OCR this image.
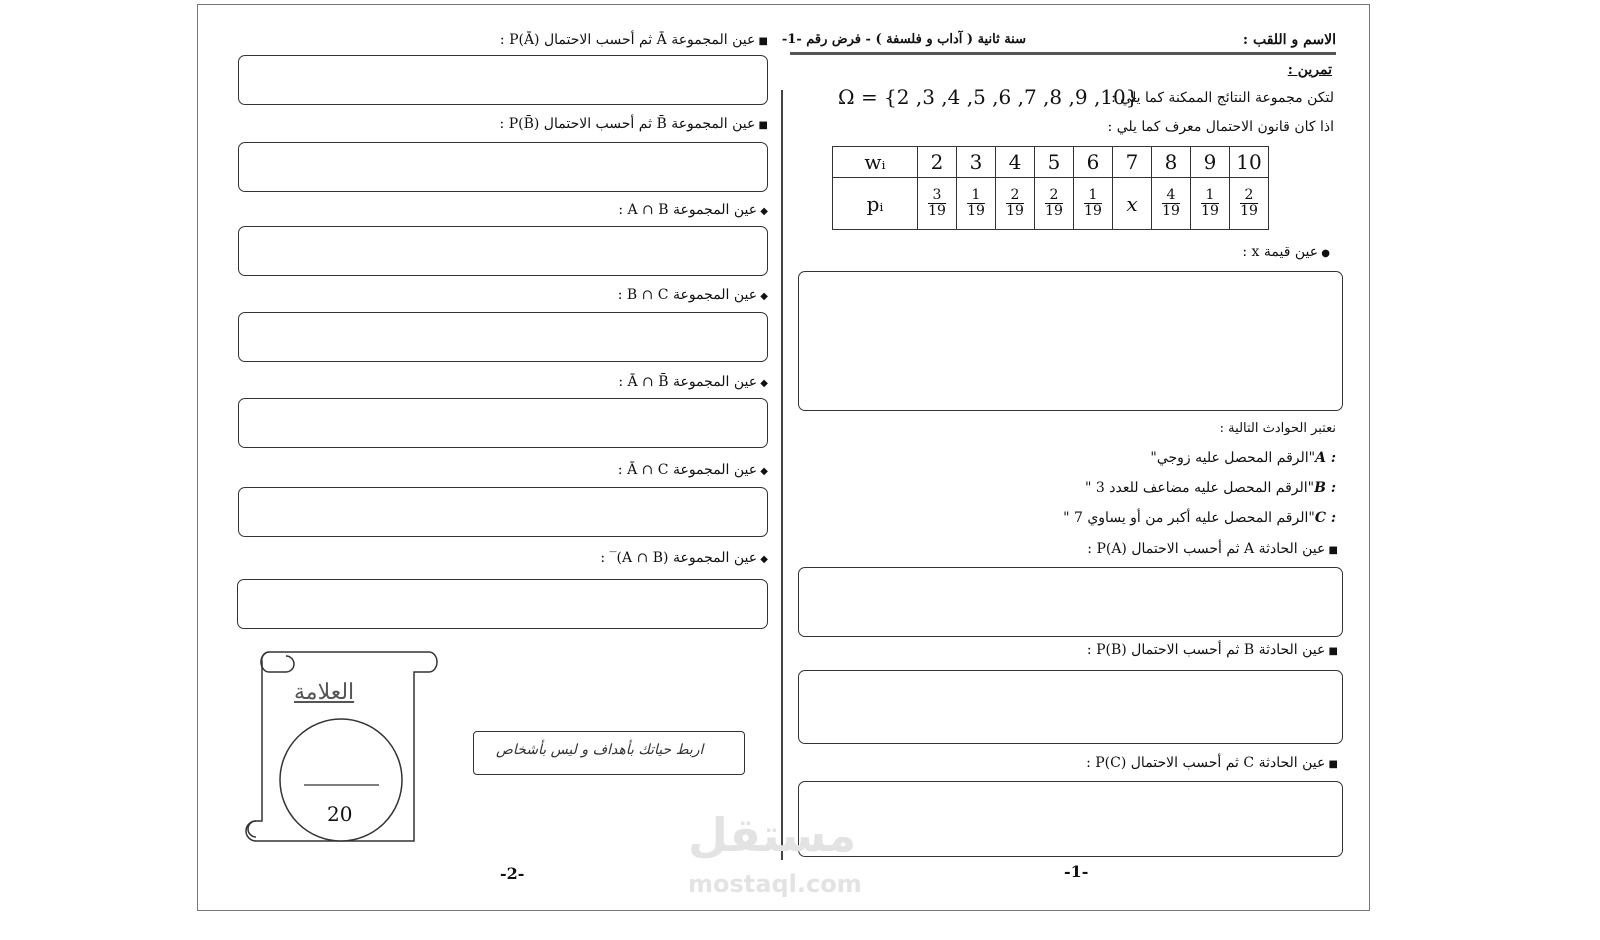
الاسم و اللقب :
سنة ثانية ( آداب و فلسفة ) - فرض رقم -1-
تمرين :
لتكن مجموعة النتائج الممكنة كما يلي :
Ω = {2 ,3 ,4 ,5 ,6 ,7 ,8 ,9 ,10}
اذا كان قانون الاحتمال معرف كما يلي :
wᵢ	2	3	4	5	6	7	8	9	10
pᵢ	$\frac{3}{19}$	$\frac{1}{19}$	$\frac{2}{19}$	$\frac{2}{19}$	$\frac{1}{19}$	x	$\frac{4}{19}$	$\frac{1}{19}$	$\frac{2}{19}$
● عين قيمة x :
نعتبر الحوادث التالية :
A :"الرقم المحصل عليه زوجي"
B :"الرقم المحصل عليه مضاعف للعدد 3 "
C :"الرقم المحصل عليه أكبر من أو يساوي 7 "
■ عين الحادثة A ثم أحسب الاحتمال P(A) :
■ عين الحادثة B ثم أحسب الاحتمال P(B) :
■ عين الحادثة C ثم أحسب الاحتمال P(C) :
-1-
■ عين المجموعة Ā ثم أحسب الاحتمال P(Ā) :
■ عين المجموعة B̄ ثم أحسب الاحتمال P(B̄) :
◆ عين المجموعة A ∩ B :
◆ عين المجموعة B ∩ C :
◆ عين المجموعة Ā ∩ B̄ :
◆ عين المجموعة Ā ∩ C :
◆ عين المجموعة (A ∩ B)‾ :
العلامة
20
اربط حياتك بأهداف و ليس بأشخاص
-2-
مستقل
mostaql.com
